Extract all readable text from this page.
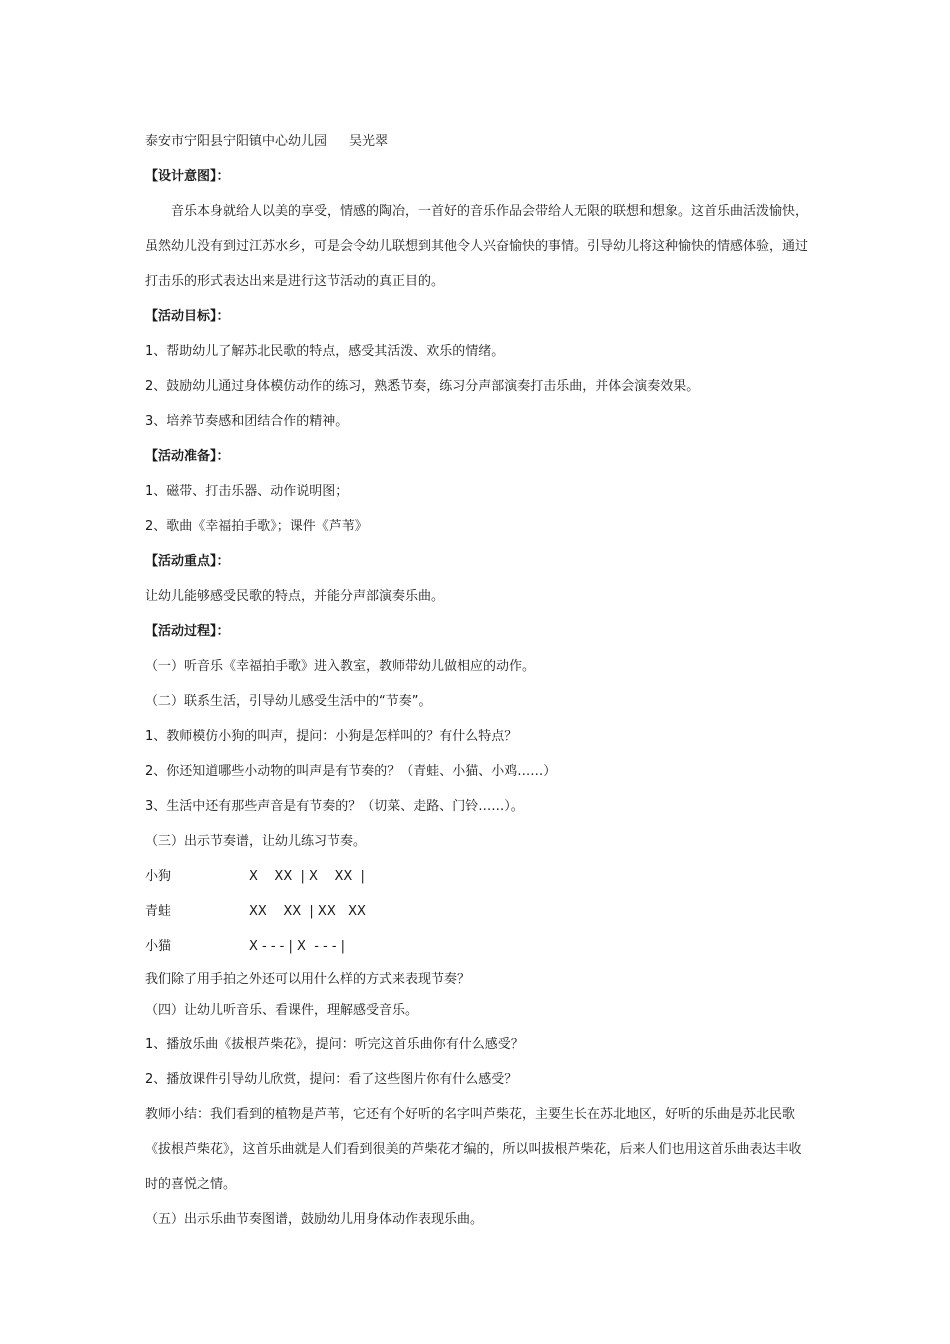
泰安市宁阳县宁阳镇中心幼儿园 吴光翠
【设计意图】：
音乐本身就给人以美的享受，情感的陶冶，一首好的音乐作品会带给人无限的联想和想象。这首乐曲活泼愉快，虽然幼儿没有到过江苏水乡，可是会令幼儿联想到其他令人兴奋愉快的事情。引导幼儿将这种愉快的情感体验，通过打击乐的形式表达出来是进行这节活动的真正目的。
【活动目标】：
1、帮助幼儿了解苏北民歌的特点，感受其活泼、欢乐的情绪。
2、鼓励幼儿通过身体模仿动作的练习，熟悉节奏，练习分声部演奏打击乐曲，并体会演奏效果。
3、培养节奏感和团结合作的精神。
【活动准备】：
1、磁带、打击乐器、动作说明图；
2、歌曲《幸福拍手歌》；课件《芦苇》
【活动重点】：
让幼儿能够感受民歌的特点，并能分声部演奏乐曲。
【活动过程】：
（一）听音乐《幸福拍手歌》进入教室，教师带幼儿做相应的动作。
（二）联系生活，引导幼儿感受生活中的“节奏”。
1、教师模仿小狗的叫声，提问：小狗是怎样叫的？有什么特点？
2、你还知道哪些小动物的叫声是有节奏的？（青蛙、小猫、小鸡……）
3、生活中还有那些声音是有节奏的？（切菜、走路、门铃……）。
（三）出示节奏谱，让幼儿练习节奏。
小狗	X    XX  | X    XX  |
青蛙	XX    XX  | XX   XX
小猫	X - - - | X  - - - |
我们除了用手拍之外还可以用什么样的方式来表现节奏？
（四）让幼儿听音乐、看课件，理解感受音乐。
1、播放乐曲《拔根芦柴花》，提问：听完这首乐曲你有什么感受？
2、播放课件引导幼儿欣赏，提问：看了这些图片你有什么感受？
教师小结：我们看到的植物是芦苇，它还有个好听的名字叫芦柴花，主要生长在苏北地区，好听的乐曲是苏北民歌《拔根芦柴花》，这首乐曲就是人们看到很美的芦柴花才编的，所以叫拔根芦柴花，后来人们也用这首乐曲表达丰收时的喜悦之情。
（五）出示乐曲节奏图谱，鼓励幼儿用身体动作表现乐曲。
